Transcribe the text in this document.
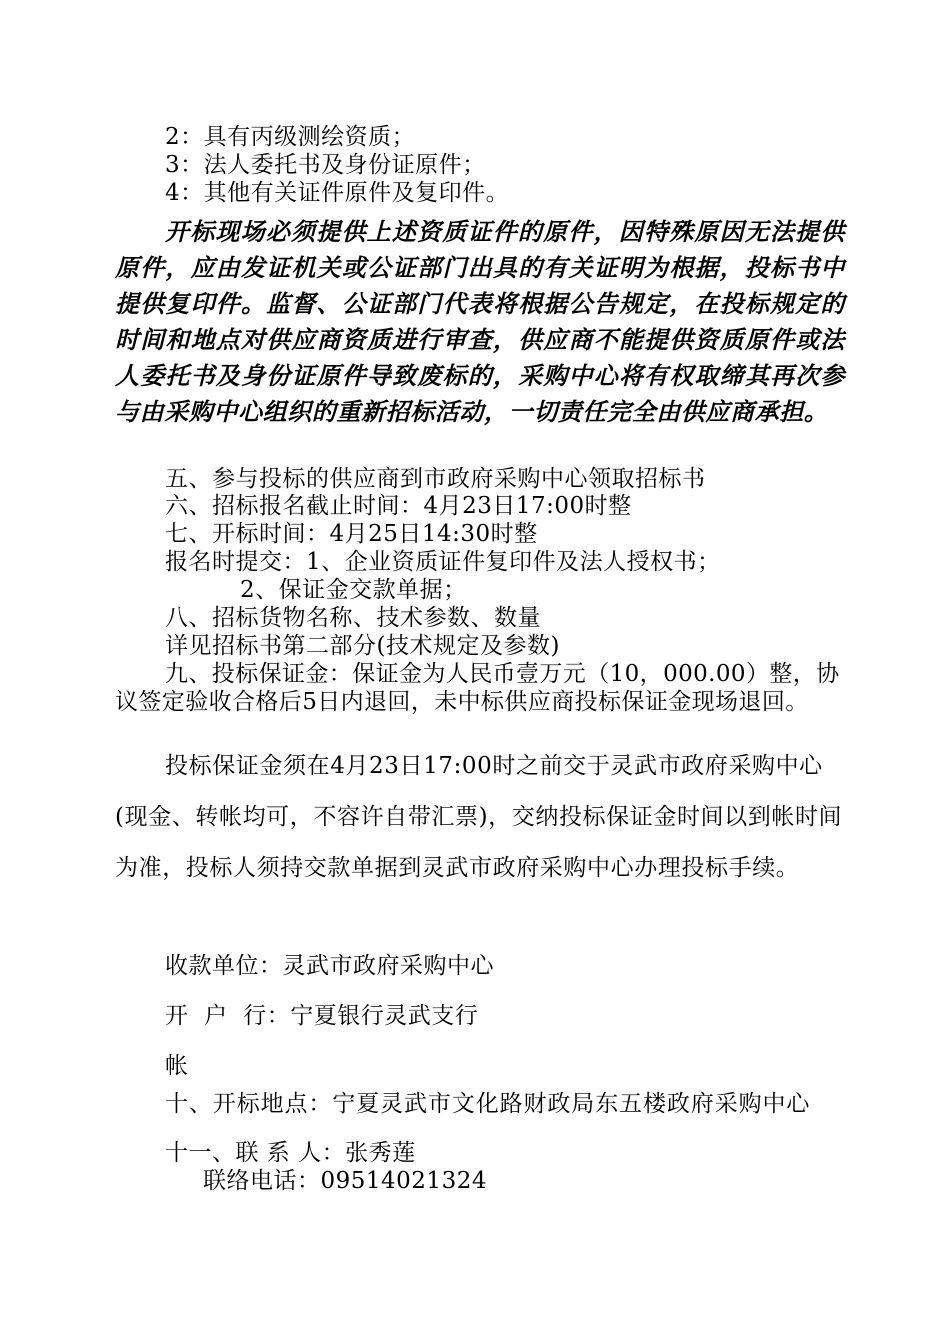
2：具有丙级测绘资质；
3：法人委托书及身份证原件；
4：其他有关证件原件及复印件。
开标现场必须提供上述资质证件的原件，因特殊原因无法提供原件，应由发证机关或公证部门出具的有关证明为根据，投标书中提供复印件。监督、公证部门代表将根据公告规定，在投标规定的时间和地点对供应商资质进行审查，供应商不能提供资质原件或法人委托书及身份证原件导致废标的，采购中心将有权取缔其再次参与由采购中心组织的重新招标活动，一切责任完全由供应商承担。
五、参与投标的供应商到市政府采购中心领取招标书
六、招标报名截止时间：4月23日17:00时整
七、开标时间：4月25日14:30时整
报名时提交：1、企业资质证件复印件及法人授权书；
2、保证金交款单据；
八、招标货物名称、技术参数、数量
详见招标书第二部分(技术规定及参数)
九、投标保证金：保证金为人民币壹万元（10，000.00）整，协议签定验收合格后5日内退回，未中标供应商投标保证金现场退回。
投标保证金须在4月23日17:00时之前交于灵武市政府采购中心(现金、转帐均可，不容许自带汇票)，交纳投标保证金时间以到帐时间为准，投标人须持交款单据到灵武市政府采购中心办理投标手续。
收款单位：灵武市政府采购中心
开  户  行：宁夏银行灵武支行
帐
十、开标地点：宁夏灵武市文化路财政局东五楼政府采购中心
十一、联 系 人：张秀莲
联络电话：09514021324
